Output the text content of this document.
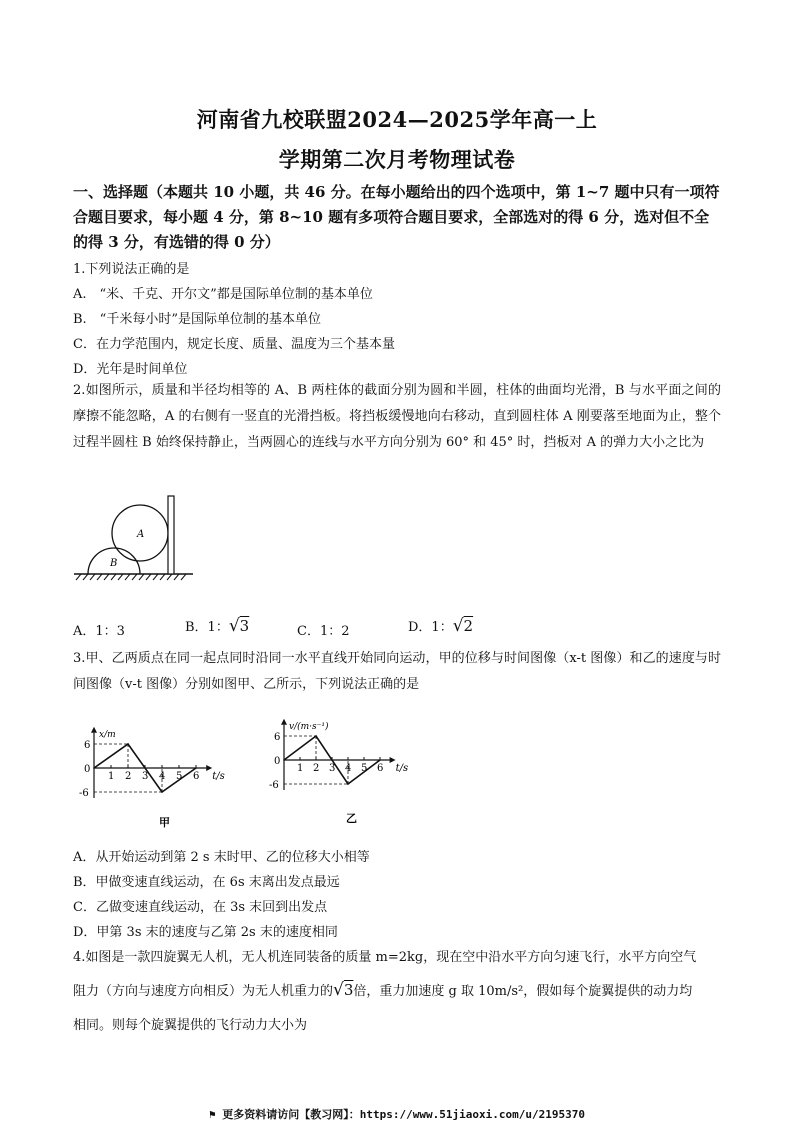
河南省九校联盟2024—2025学年高一上
学期第二次月考物理试卷
一、选择题（本题共 10 小题，共 46 分。在每小题给出的四个选项中，第 1~7 题中只有一项符合题目要求，每小题 4 分，第 8~10 题有多项符合题目要求，全部选对的得 6 分，选对但不全的得 3 分，有选错的得 0 分）
1.下列说法正确的是
A.　“米、千克、开尔文”都是国际单位制的基本单位
B.　“千米每小时”是国际单位制的基本单位
C．在力学范围内，规定长度、质量、温度为三个基本量
D．光年是时间单位
2.如图所示，质量和半径均相等的 A、B 两柱体的截面分别为圆和半圆，柱体的曲面均光滑，B 与水平面之间的摩擦不能忽略，A 的右侧有一竖直的光滑挡板。将挡板缓慢地向右移动，直到圆柱体 A 刚要落至地面为止，整个过程半圆柱 B 始终保持静止，当两圆心的连线与水平方向分别为 60° 和 45° 时，挡板对 A 的弹力大小之比为
A
B
A．1：3	B．1：√3	C．1：2	D．1：√2
3.甲、乙两质点在同一起点同时沿同一水平直线开始同向运动，甲的位移与时间图像（x-t 图像）和乙的速度与时间图像（v-t 图像）分别如图甲、乙所示，下列说法正确的是
1 2 3 4 5 6
6
0
-6
t/s
x/m
甲
1 2 3 4 5 6
6
0
-6
t/s
v/(m·s⁻¹)
乙
A．从开始运动到第 2 s 末时甲、乙的位移大小相等
B．甲做变速直线运动，在 6s 末离出发点最远
C．乙做变速直线运动，在 3s 末回到出发点
D．甲第 3s 末的速度与乙第 2s 末的速度相同
4.如图是一款四旋翼无人机，无人机连同装备的质量 m=2kg，现在空中沿水平方向匀速飞行，水平方向空气
阻力（方向与速度方向相反）为无人机重力的√3倍，重力加速度 g 取 10m/s²，假如每个旋翼提供的动力均
相同。则每个旋翼提供的飞行动力大小为
⚑ 更多资料请访问【教习网】：https://www.51jiaoxi.com/u/2195370
